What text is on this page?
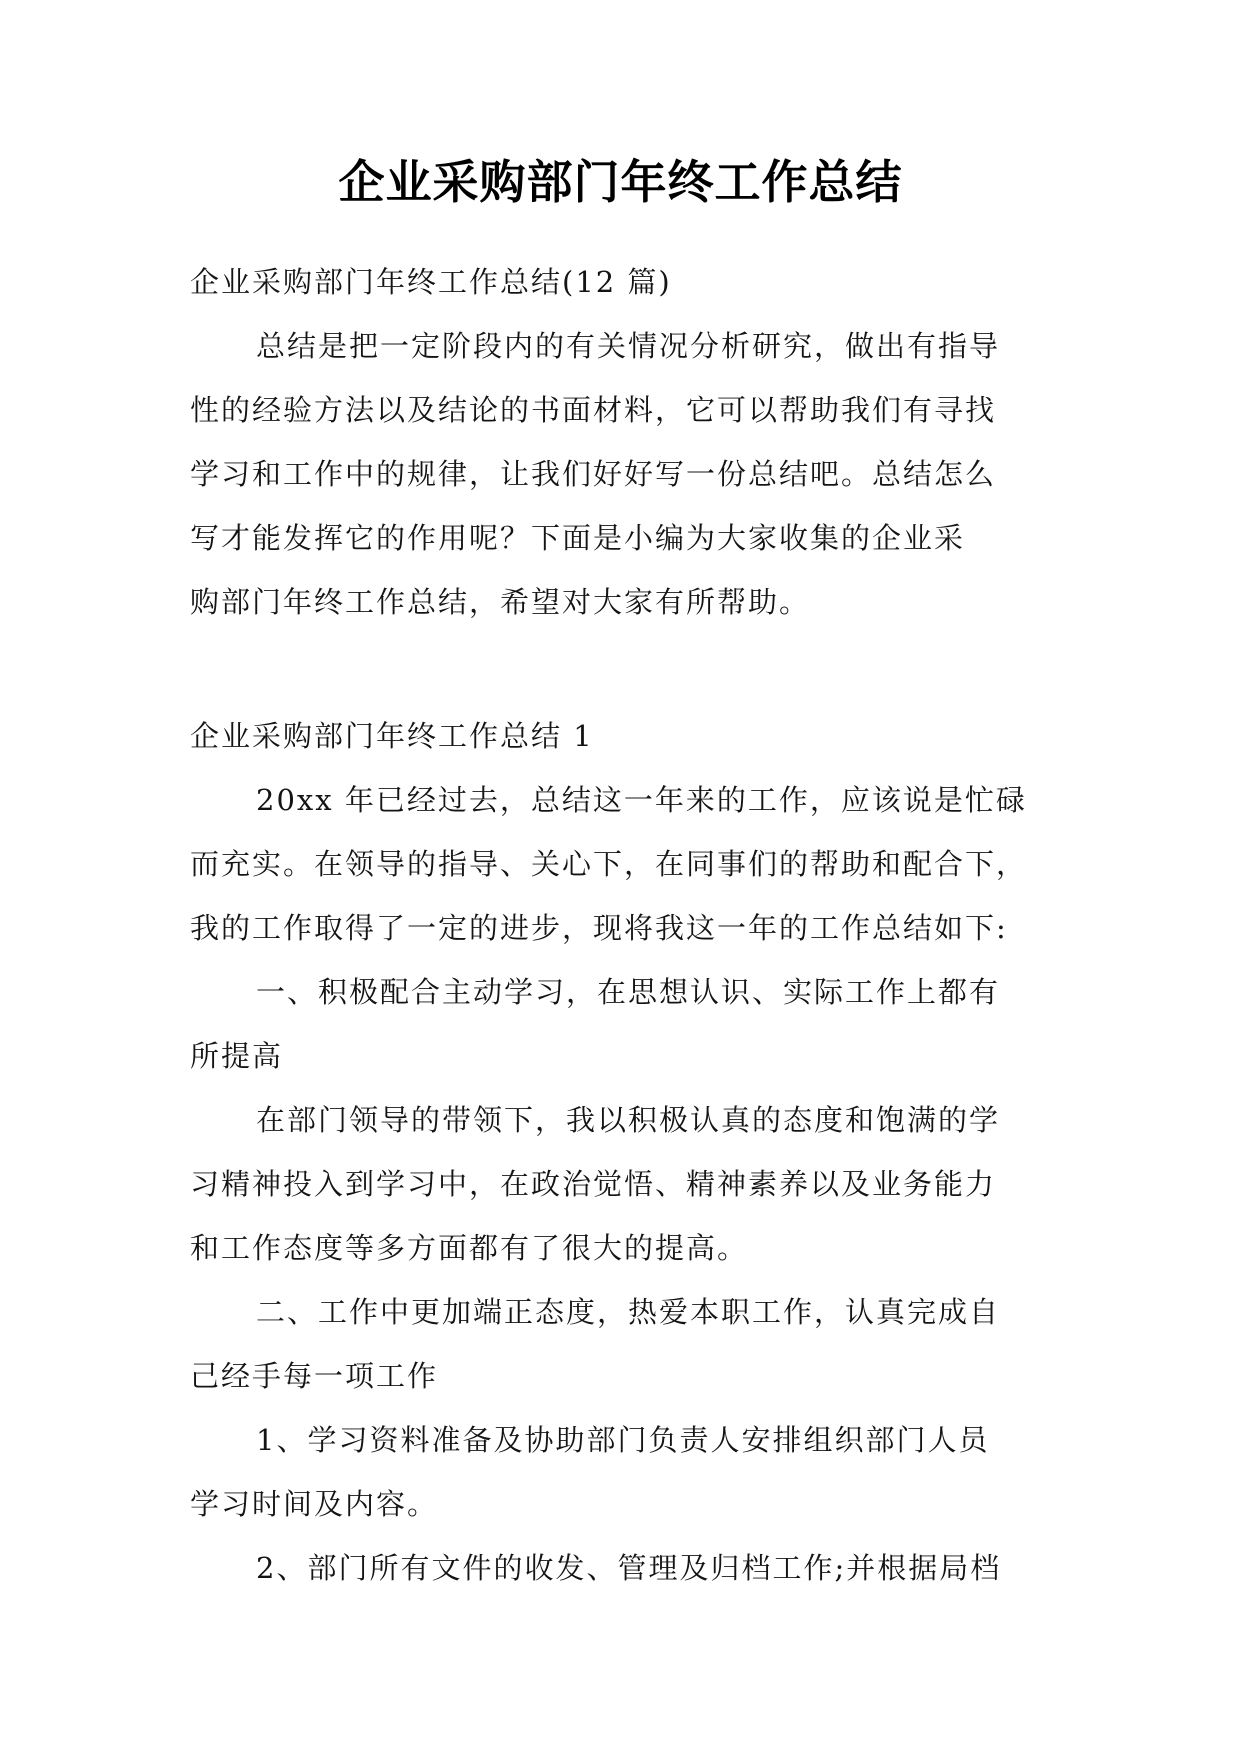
企业采购部门年终工作总结
企业采购部门年终工作总结(12 篇)
总结是把一定阶段内的有关情况分析研究，做出有指导
性的经验方法以及结论的书面材料，它可以帮助我们有寻找
学习和工作中的规律，让我们好好写一份总结吧。总结怎么
写才能发挥它的作用呢？下面是小编为大家收集的企业采
购部门年终工作总结，希望对大家有所帮助。
企业采购部门年终工作总结 1
20xx 年已经过去，总结这一年来的工作，应该说是忙碌
而充实。在领导的指导、关心下，在同事们的帮助和配合下，
我的工作取得了一定的进步，现将我这一年的工作总结如下:
一、积极配合主动学习，在思想认识、实际工作上都有
所提高
在部门领导的带领下，我以积极认真的态度和饱满的学
习精神投入到学习中，在政治觉悟、精神素养以及业务能力
和工作态度等多方面都有了很大的提高。
二、工作中更加端正态度，热爱本职工作，认真完成自
己经手每一项工作
1、学习资料准备及协助部门负责人安排组织部门人员
学习时间及内容。
2、部门所有文件的收发、管理及归档工作;并根据局档
